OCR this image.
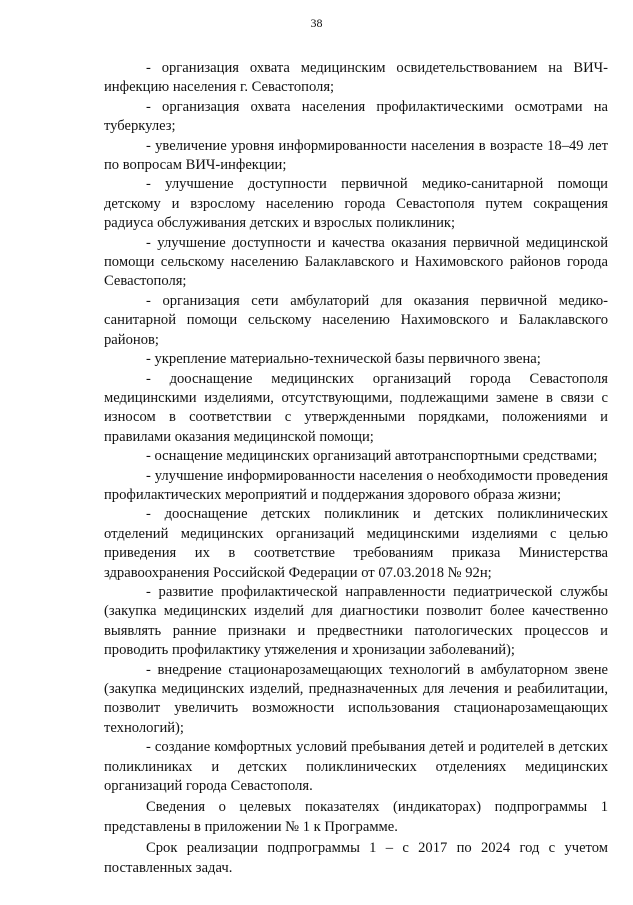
38

- организация охвата медицинским освидетельствованием на ВИЧ-инфекцию населения г. Севастополя;

- организация охвата населения профилактическими осмотрами на туберкулез;

- увеличение уровня информированности населения в возрасте 18–49 лет по вопросам ВИЧ-инфекции;

- улучшение доступности первичной медико-санитарной помощи детскому и взрослому населению города Севастополя путем сокращения радиуса обслуживания детских и взрослых поликлиник;

- улучшение доступности и качества оказания первичной медицинской помощи сельскому населению Балаклавского и Нахимовского районов города Севастополя;

- организация сети амбулаторий для оказания первичной медико-санитарной помощи сельскому населению Нахимовского и Балаклавского районов;

- укрепление материально-технической базы первичного звена;

- дооснащение медицинских организаций города Севастополя медицинскими изделиями, отсутствующими, подлежащими замене в связи с износом в соответствии с утвержденными порядками, положениями и правилами оказания медицинской помощи;

- оснащение медицинских организаций автотранспортными средствами;

- улучшение информированности населения о необходимости проведения профилактических мероприятий и поддержания здорового образа жизни;

- дооснащение детских поликлиник и детских поликлинических отделений медицинских организаций медицинскими изделиями с целью приведения их в соответствие требованиям приказа Министерства здравоохранения Российской Федерации от 07.03.2018 № 92н;

- развитие профилактической направленности педиатрической службы (закупка медицинских изделий для диагностики позволит более качественно выявлять ранние признаки и предвестники патологических процессов и проводить профилактику утяжеления и хронизации заболеваний);

- внедрение стационарозамещающих технологий в амбулаторном звене (закупка медицинских изделий, предназначенных для лечения и реабилитации, позволит увеличить возможности использования стационарозамещающих технологий);

- создание комфортных условий пребывания детей и родителей в детских поликлиниках и детских поликлинических отделениях медицинских организаций города Севастополя.

Сведения о целевых показателях (индикаторах) подпрограммы 1 представлены в приложении № 1 к Программе.

Срок реализации подпрограммы 1 – с 2017 по 2024 год с учетом поставленных задач.
